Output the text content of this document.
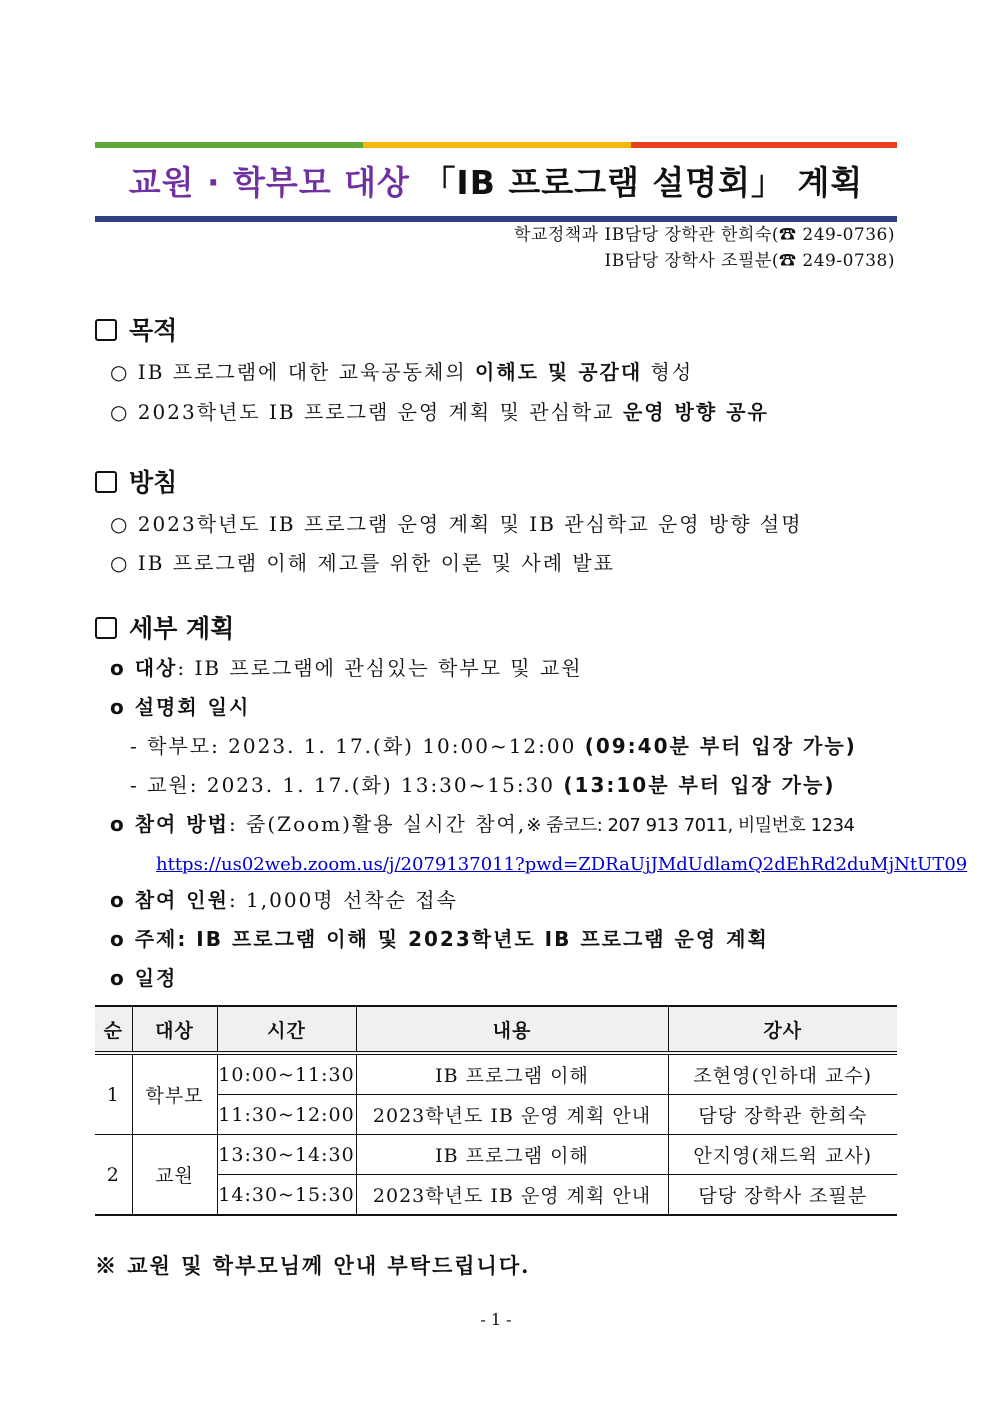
교원 · 학부모 대상 「IB 프로그램 설명회」 계획
학교정책과 IB담당 장학관 한희숙(☎ 249-0736)
IB담당 장학사 조필분(☎ 249-0738)
목적
○ IB 프로그램에 대한 교육공동체의 이해도 및 공감대 형성
○ 2023학년도 IB 프로그램 운영 계획 및 관심학교 운영 방향 공유
방침
○ 2023학년도 IB 프로그램 운영 계획 및 IB 관심학교 운영 방향 설명
○ IB 프로그램 이해 제고를 위한 이론 및 사례 발표
세부 계획
o 대상: IB 프로그램에 관심있는 학부모 및 교원
o 설명회 일시
- 학부모: 2023. 1. 17.(화) 10:00~12:00 (09:40분 부터 입장 가능)
- 교원: 2023. 1. 17.(화) 13:30~15:30 (13:10분 부터 입장 가능)
o 참여 방법: 줌(Zoom)활용 실시간 참여,※ 줌코드: 207 913 7011, 비밀번호 1234
https://us02web.zoom.us/j/2079137011?pwd=ZDRaUjJMdUdlamQ2dEhRd2duMjNtUT09
o 참여 인원: 1,000명 선착순 접속
o 주제: IB 프로그램 이해 및 2023학년도 IB 프로그램 운영 계획
o 일정
순	대상	시간	내용	강사
1	학부모	10:00~11:30	IB 프로그램 이해	조현영(인하대 교수)
		11:30~12:00	2023학년도 IB 운영 계획 안내	담당 장학관 한희숙
2	교원	13:30~14:30	IB 프로그램 이해	안지영(채드윅 교사)
		14:30~15:30	2023학년도 IB 운영 계획 안내	담당 장학사 조필분
※ 교원 및 학부모님께 안내 부탁드립니다.
- 1 -
